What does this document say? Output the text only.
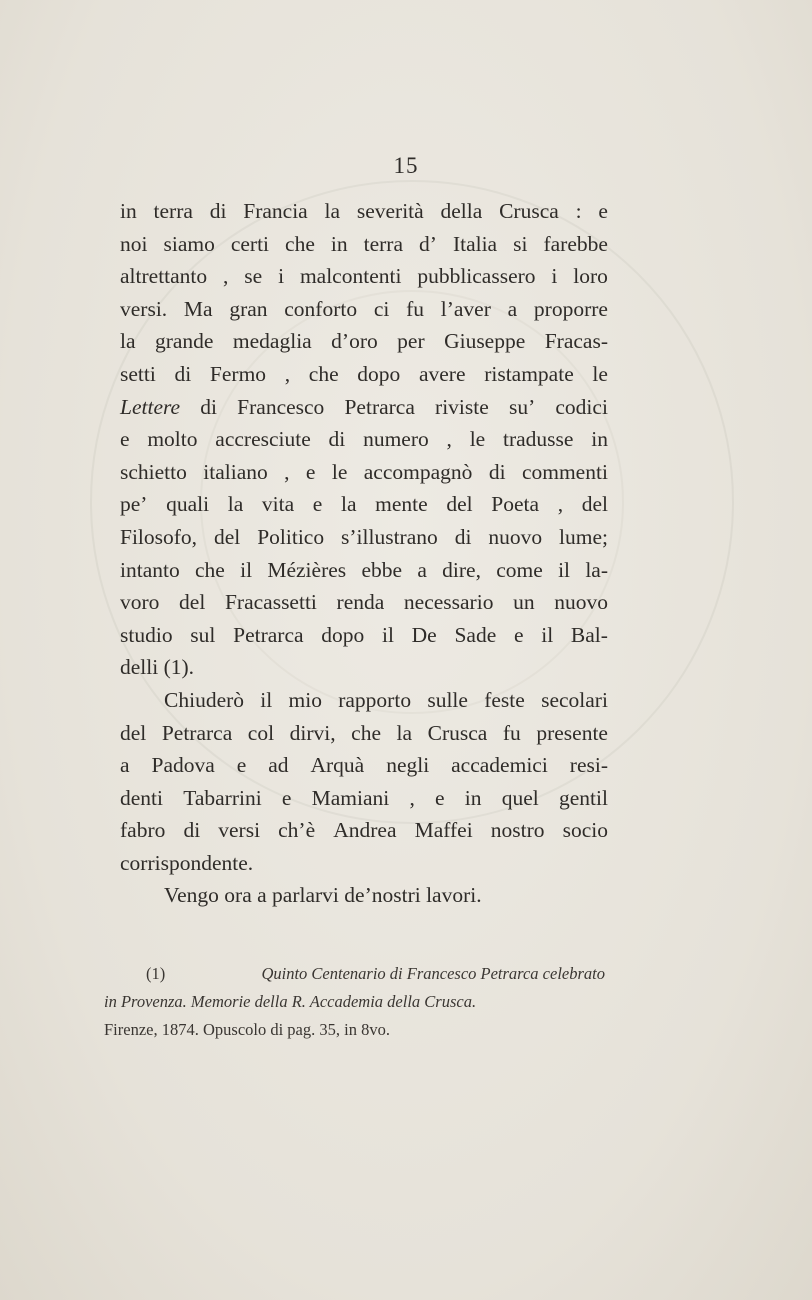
15
in terra di Francia la severità della Crusca : e
noi siamo certi che in terra d’ Italia si farebbe
altrettanto , se i malcontenti pubblicassero i loro
versi. Ma gran conforto ci fu l’aver a proporre
la grande medaglia d’oro per Giuseppe Fracas-
setti di Fermo , che dopo avere ristampate le
Lettere di Francesco Petrarca riviste su’ codici
e molto accresciute di numero , le tradusse in
schietto italiano , e le accompagnò di commenti
pe’ quali la vita e la mente del Poeta , del
Filosofo, del Politico s’illustrano di nuovo lume;
intanto che il Mézières ebbe a dire, come il la-
voro del Fracassetti renda necessario un nuovo
studio sul Petrarca dopo il De Sade e il Bal-
delli (1).
Chiuderò il mio rapporto sulle feste secolari
del Petrarca col dirvi, che la Crusca fu presente
a Padova e ad Arquà negli accademici resi-
denti Tabarrini e Mamiani , e in quel gentil
fabro di versi ch’è Andrea Maffei nostro socio
corrispondente.
Vengo ora a parlarvi de’nostri lavori.
(1)	Quinto Centenario di Francesco Petrarca celebrato
in Provenza. Memorie della R. Accademia della Crusca.
Firenze, 1874. Opuscolo di pag. 35, in 8vo.
